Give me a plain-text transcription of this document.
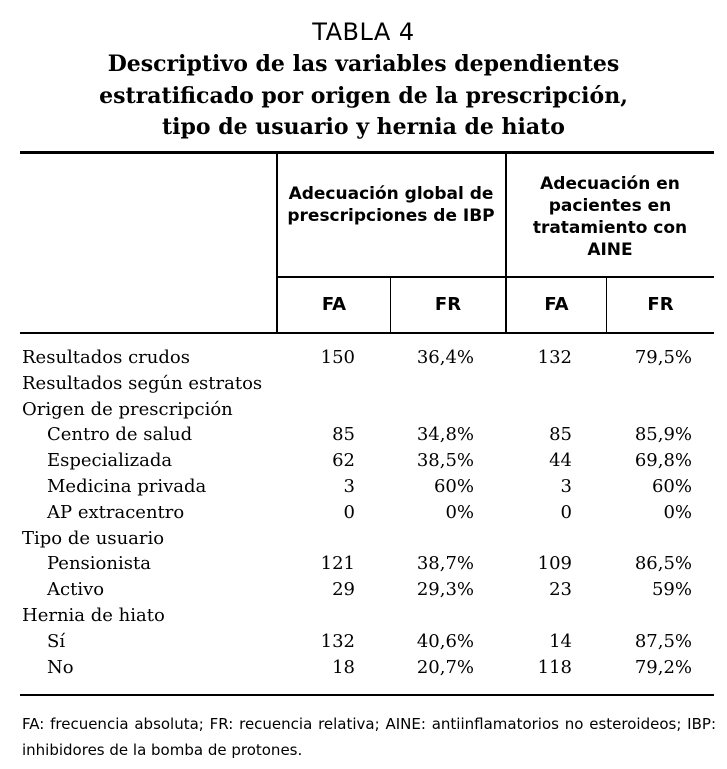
TABLA 4
Descriptivo de las variables dependientes
estratificado por origen de la prescripción,
tipo de usuario y hernia de hiato
Adecuación global de prescripciones de IBP
Adecuación en pacientes en tratamiento con AINE
FA	FR	FA	FR
Resultados crudos	150	36,4%	132	79,5%
Resultados según estratos
Origen de prescripción
Centro de salud	85	34,8%	85	85,9%
Especializada	62	38,5%	44	69,8%
Medicina privada	3	60%	3	60%
AP extracentro	0	0%	0	0%
Tipo de usuario
Pensionista	121	38,7%	109	86,5%
Activo	29	29,3%	23	59%
Hernia de hiato
Sí	132	40,6%	14	87,5%
No	18	20,7%	118	79,2%
FA: frecuencia absoluta; FR: recuencia relativa; AINE: antiinflamatorios no esteroideos; IBP: inhibidores de la bomba de protones.
